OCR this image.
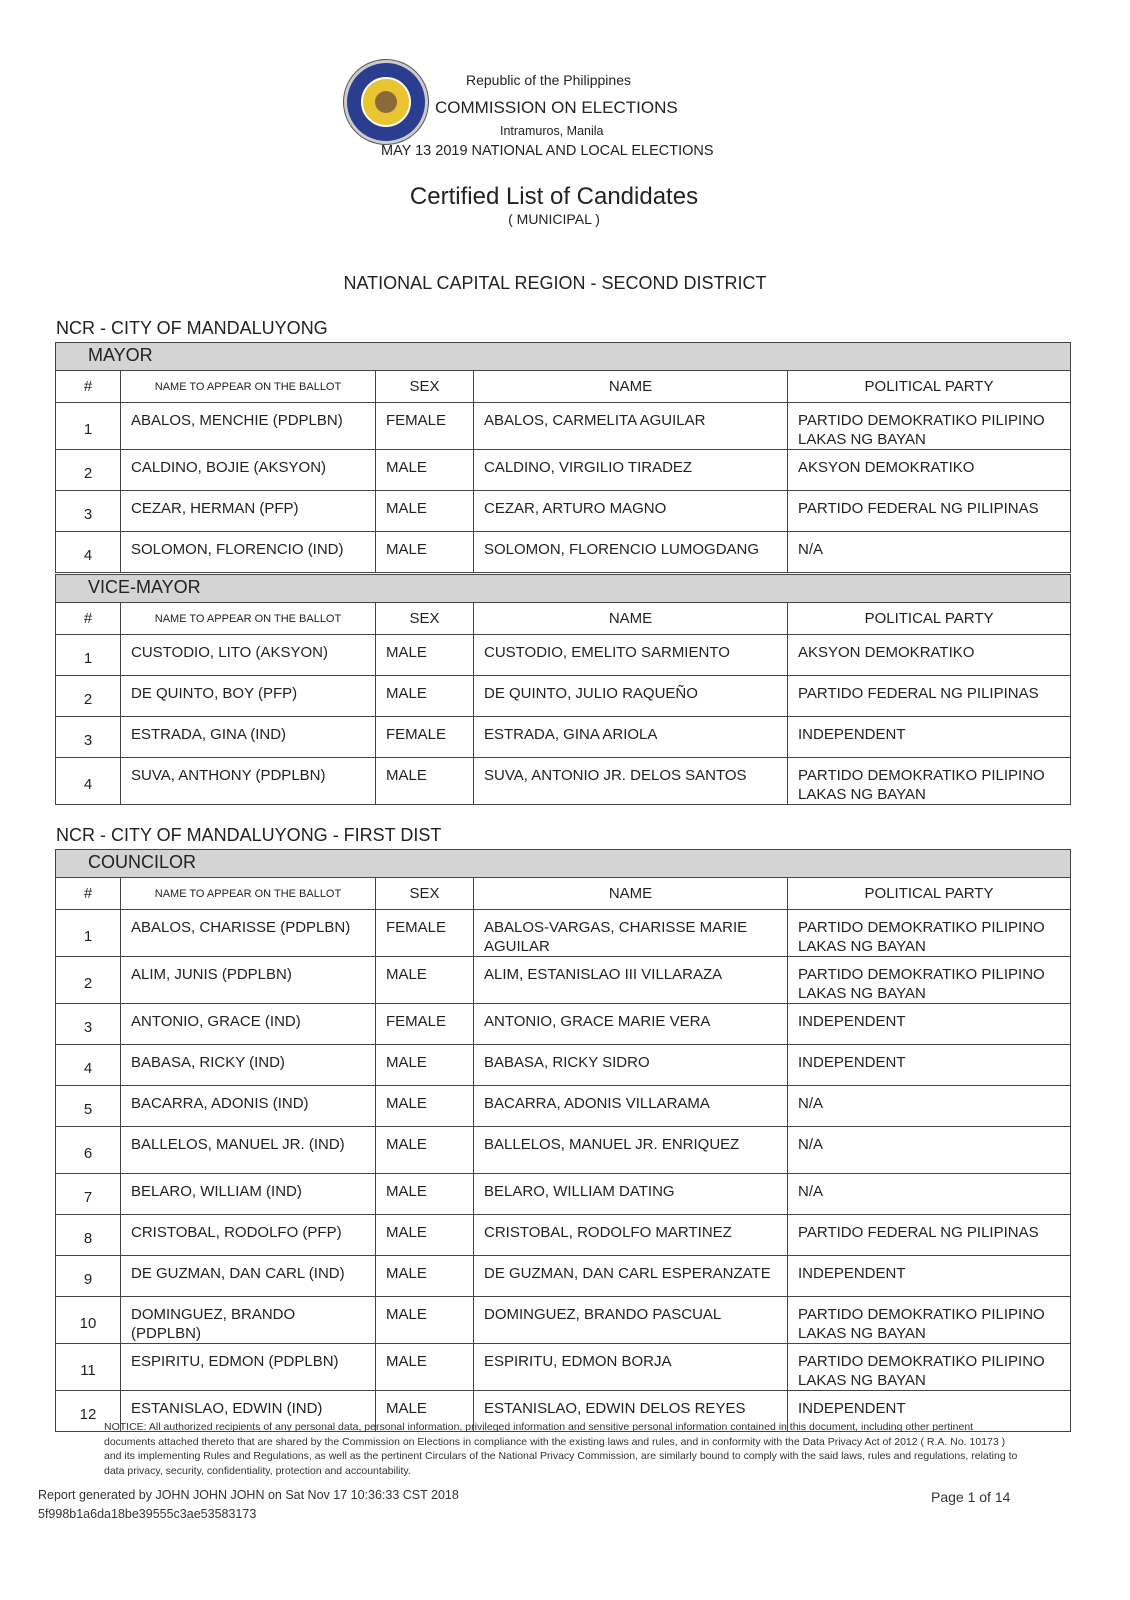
Republic of the Philippines
COMMISSION ON ELECTIONS
Intramuros, Manila
MAY 13 2019 NATIONAL AND LOCAL ELECTIONS
Certified List of Candidates
( MUNICIPAL )
NATIONAL CAPITAL REGION - SECOND DISTRICT
NCR - CITY OF MANDALUYONG
MAYOR				
#	NAME TO APPEAR ON THE BALLOT	SEX	NAME	POLITICAL PARTY
1	ABALOS, MENCHIE (PDPLBN)	FEMALE	ABALOS, CARMELITA AGUILAR	PARTIDO DEMOKRATIKO PILIPINO LAKAS NG BAYAN
2	CALDINO, BOJIE (AKSYON)	MALE	CALDINO, VIRGILIO TIRADEZ	AKSYON DEMOKRATIKO
3	CEZAR, HERMAN (PFP)	MALE	CEZAR, ARTURO MAGNO	PARTIDO FEDERAL NG PILIPINAS
4	SOLOMON, FLORENCIO (IND)	MALE	SOLOMON, FLORENCIO LUMOGDANG	N/A
VICE-MAYOR				
#	NAME TO APPEAR ON THE BALLOT	SEX	NAME	POLITICAL PARTY
1	CUSTODIO, LITO (AKSYON)	MALE	CUSTODIO, EMELITO SARMIENTO	AKSYON DEMOKRATIKO
2	DE QUINTO, BOY (PFP)	MALE	DE QUINTO, JULIO RAQUEÑO	PARTIDO FEDERAL NG PILIPINAS
3	ESTRADA, GINA (IND)	FEMALE	ESTRADA, GINA ARIOLA	INDEPENDENT
4	SUVA, ANTHONY (PDPLBN)	MALE	SUVA, ANTONIO JR. DELOS SANTOS	PARTIDO DEMOKRATIKO PILIPINO LAKAS NG BAYAN
NCR - CITY OF MANDALUYONG - FIRST DIST
COUNCILOR				
#	NAME TO APPEAR ON THE BALLOT	SEX	NAME	POLITICAL PARTY
1	ABALOS, CHARISSE (PDPLBN)	FEMALE	ABALOS-VARGAS, CHARISSE MARIE AGUILAR	PARTIDO DEMOKRATIKO PILIPINO LAKAS NG BAYAN
2	ALIM, JUNIS (PDPLBN)	MALE	ALIM, ESTANISLAO III VILLARAZA	PARTIDO DEMOKRATIKO PILIPINO LAKAS NG BAYAN
3	ANTONIO, GRACE (IND)	FEMALE	ANTONIO, GRACE MARIE VERA	INDEPENDENT
4	BABASA, RICKY (IND)	MALE	BABASA, RICKY SIDRO	INDEPENDENT
5	BACARRA, ADONIS (IND)	MALE	BACARRA, ADONIS VILLARAMA	N/A
6	BALLELOS, MANUEL JR. (IND)	MALE	BALLELOS, MANUEL JR. ENRIQUEZ	N/A
7	BELARO, WILLIAM (IND)	MALE	BELARO, WILLIAM DATING	N/A
8	CRISTOBAL, RODOLFO (PFP)	MALE	CRISTOBAL, RODOLFO MARTINEZ	PARTIDO FEDERAL NG PILIPINAS
9	DE GUZMAN, DAN CARL (IND)	MALE	DE GUZMAN, DAN CARL ESPERANZATE	INDEPENDENT
10	DOMINGUEZ, BRANDO (PDPLBN)	MALE	DOMINGUEZ, BRANDO PASCUAL	PARTIDO DEMOKRATIKO PILIPINO LAKAS NG BAYAN
11	ESPIRITU, EDMON (PDPLBN)	MALE	ESPIRITU, EDMON BORJA	PARTIDO DEMOKRATIKO PILIPINO LAKAS NG BAYAN
12	ESTANISLAO, EDWIN (IND)	MALE	ESTANISLAO, EDWIN DELOS REYES	INDEPENDENT
NOTICE: All authorized recipients of any personal data, personal information, privileged information and sensitive personal information contained in this document, including other pertinent documents attached thereto that are shared by the Commission on Elections in compliance with the existing laws and rules, and in conformity with the Data Privacy Act of 2012 ( R.A. No. 10173 ) and its implementing Rules and Regulations, as well as the pertinent Circulars of the National Privacy Commission, are similarly bound to comply with the said laws, rules and regulations, relating to data privacy, security, confidentiality, protection and accountability.
Report generated by JOHN JOHN JOHN on Sat Nov 17 10:36:33 CST 2018
5f998b1a6da18be39555c3ae53583173
Page 1 of 14
